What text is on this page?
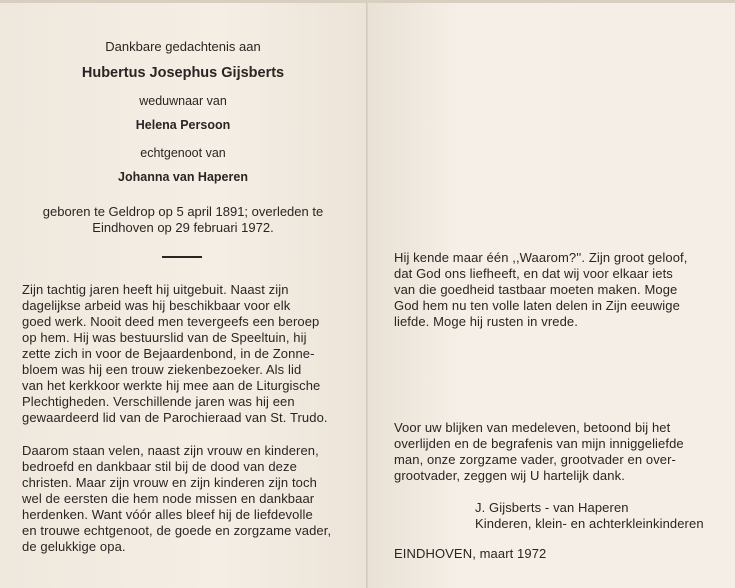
Dankbare gedachtenis aan
Hubertus Josephus Gijsberts
weduwnaar van
Helena Persoon
echtgenoot van
Johanna van Haperen
geboren te Geldrop op 5 april 1891; overleden te
Eindhoven op 29 februari 1972.
Zijn tachtig jaren heeft hij uitgebuit. Naast zijn
dagelijkse arbeid was hij beschikbaar voor elk
goed werk. Nooit deed men tevergeefs een beroep
op hem. Hij was bestuurslid van de Speeltuin, hij
zette zich in voor de Bejaardenbond, in de Zonne-
bloem was hij een trouw ziekenbezoeker. Als lid
van het kerkkoor werkte hij mee aan de Liturgische
Plechtigheden. Verschillende jaren was hij een
gewaardeerd lid van de Parochieraad van St. Trudo.
Daarom staan velen, naast zijn vrouw en kinderen,
bedroefd en dankbaar stil bij de dood van deze
christen. Maar zijn vrouw en zijn kinderen zijn toch
wel de eersten die hem node missen en dankbaar
herdenken. Want vóór alles bleef hij de liefdevolle
en trouwe echtgenoot, de goede en zorgzame vader,
de gelukkige opa.
Hij kende maar één ,,Waarom?''. Zijn groot geloof,
dat God ons liefheeft, en dat wij voor elkaar iets
van die goedheid tastbaar moeten maken. Moge
God hem nu ten volle laten delen in Zijn eeuwige
liefde. Moge hij rusten in vrede.
Voor uw blijken van medeleven, betoond bij het
overlijden en de begrafenis van mijn inniggeliefde
man, onze zorgzame vader, grootvader en over-
grootvader, zeggen wij U hartelijk dank.
J. Gijsberts - van Haperen
Kinderen, klein- en achterkleinkinderen
EINDHOVEN, maart 1972
